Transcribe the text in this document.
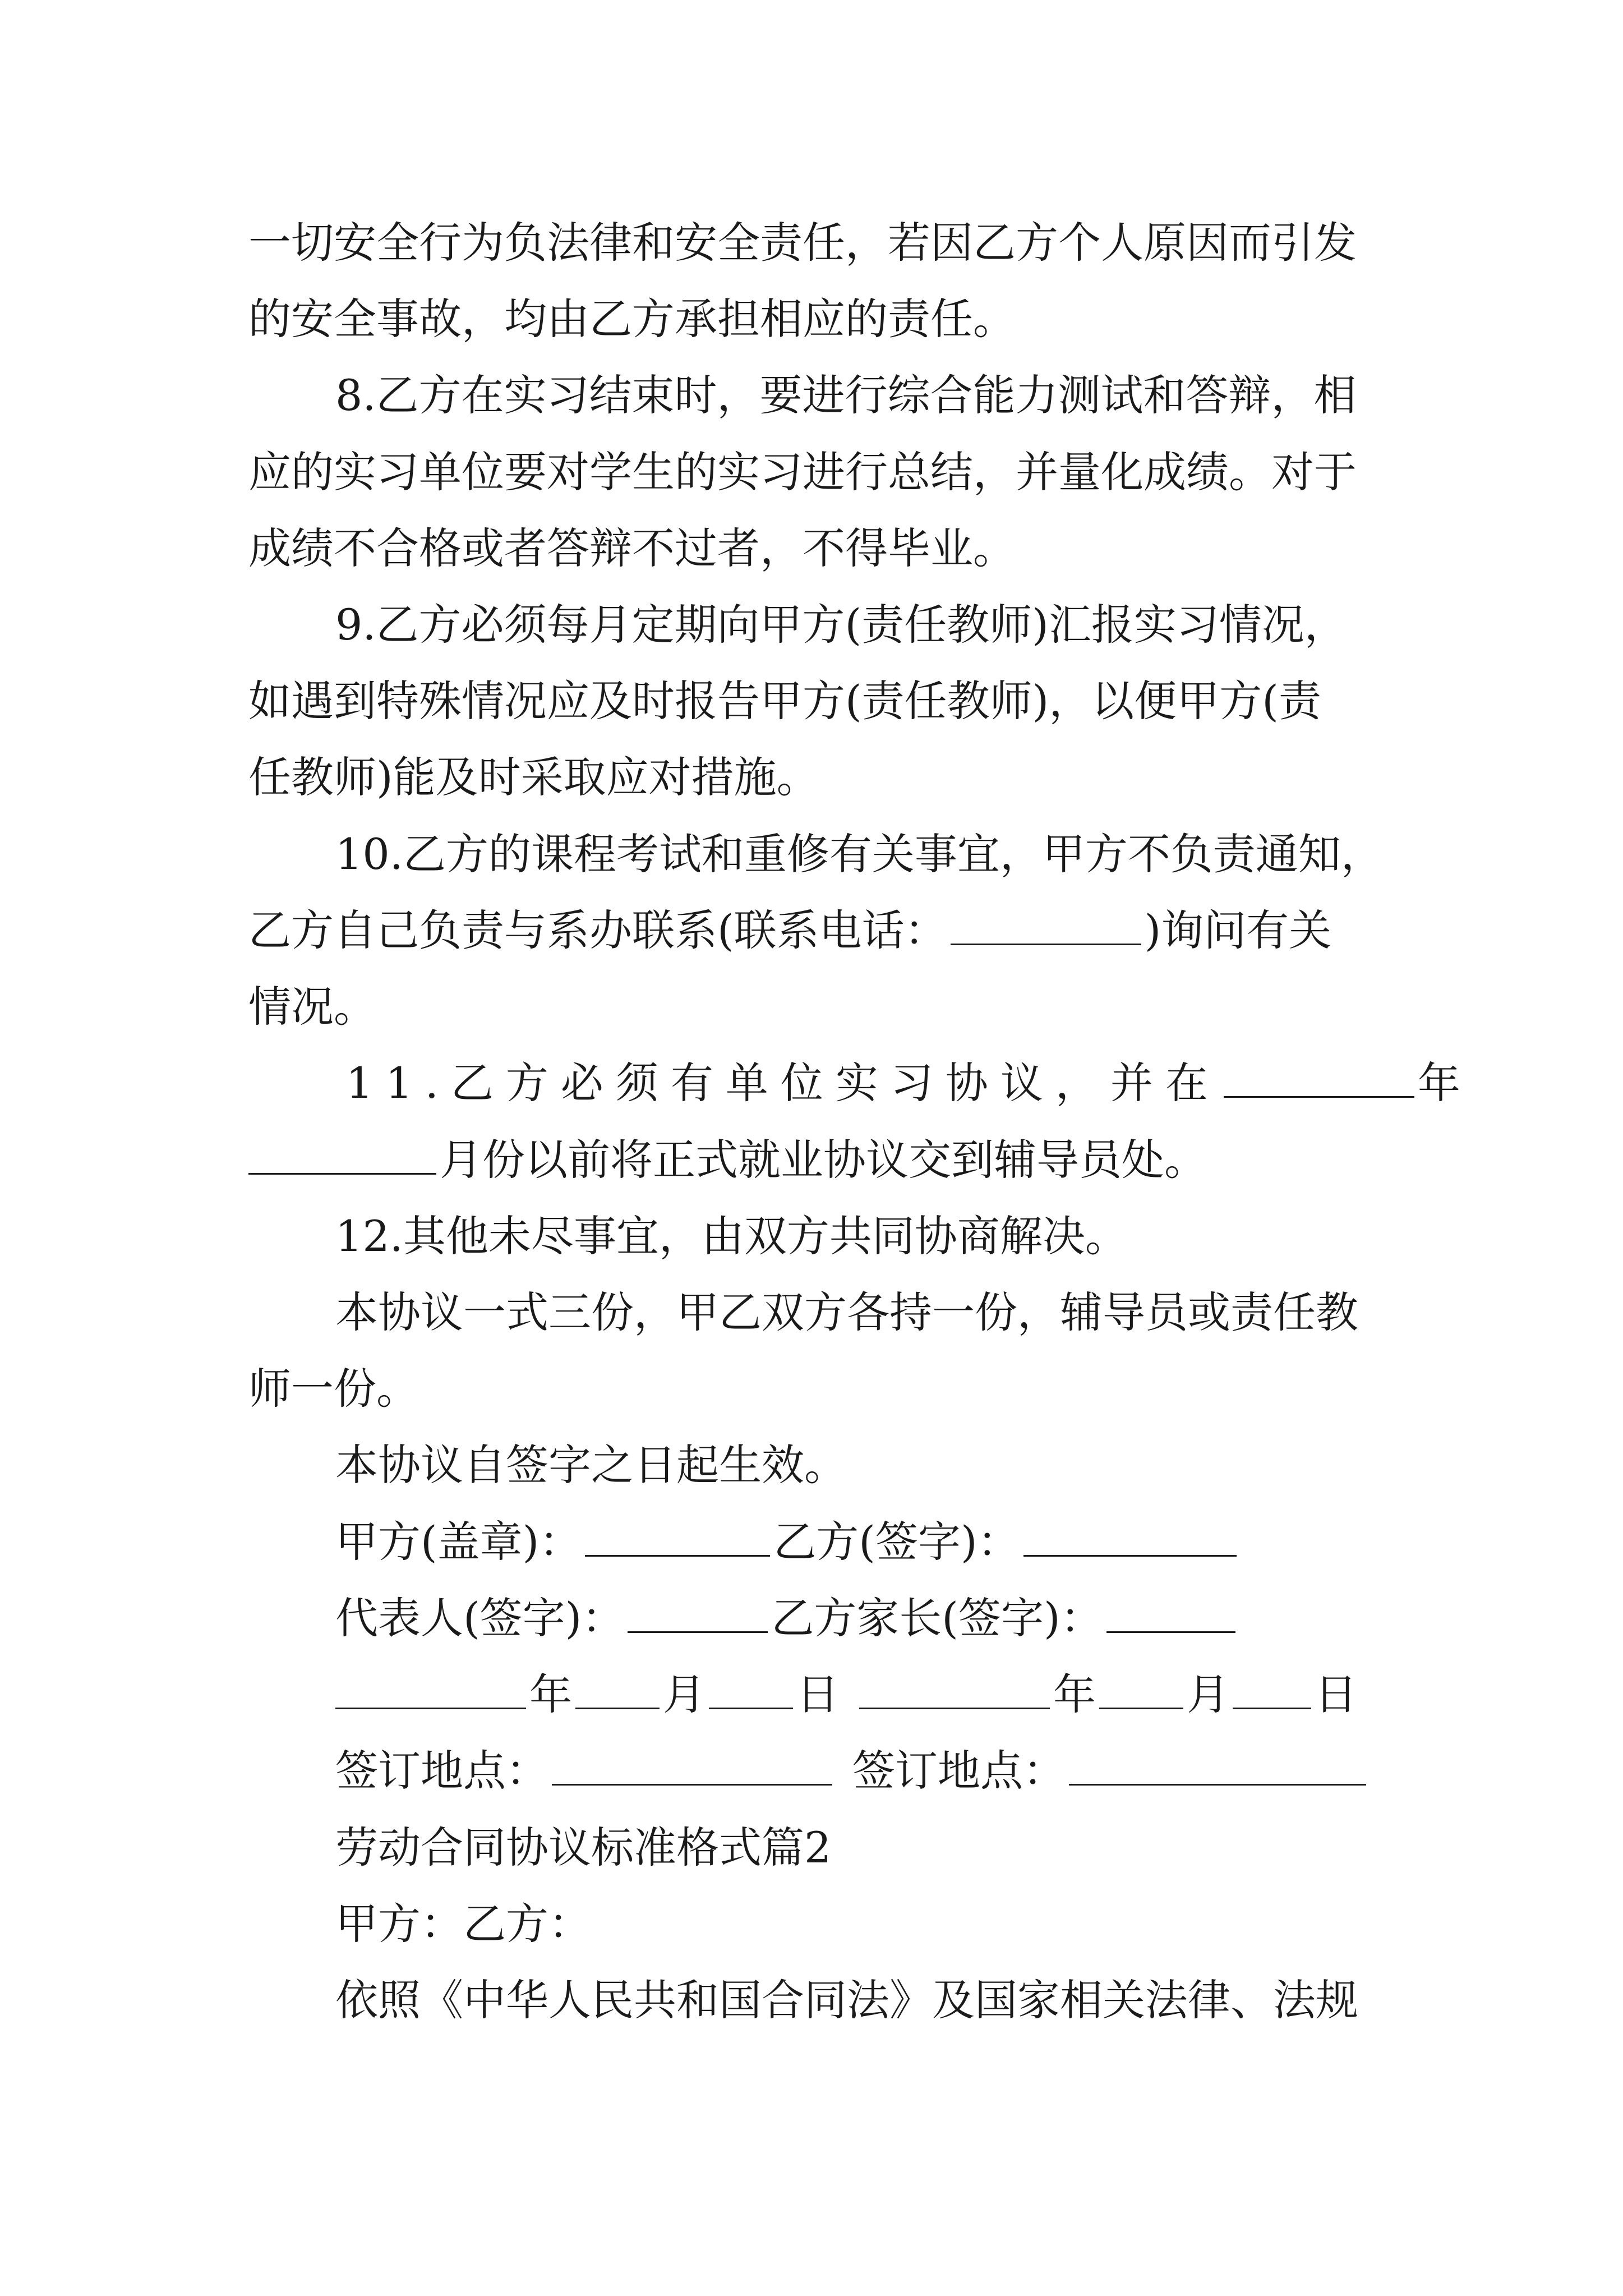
一切安全行为负法律和安全责任，若因乙方个人原因而引发
的安全事故，均由乙方承担相应的责任。
8.乙方在实习结束时，要进行综合能力测试和答辩，相
应的实习单位要对学生的实习进行总结，并量化成绩。对于
成绩不合格或者答辩不过者，不得毕业。
9.乙方必须每月定期向甲方(责任教师)汇报实习情况，
如遇到特殊情况应及时报告甲方(责任教师)，以便甲方(责
任教师)能及时采取应对措施。
10.乙方的课程考试和重修有关事宜，甲方不负责通知，
乙方自己负责与系办联系(联系电话：	)询问有关
情况。
11.乙方必须有单位实习协议，并在	年
月份以前将正式就业协议交到辅导员处。
12.其他未尽事宜，由双方共同协商解决。
本协议一式三份，甲乙双方各持一份，辅导员或责任教
师一份。
本协议自签字之日起生效。
甲方(盖章)：	乙方(签字)：
代表人(签字)：	乙方家长(签字)：
年 月 日	年 月 日
签订地点：	签订地点：
劳动合同协议标准格式篇2
甲方：乙方：
依照《中华人民共和国合同法》及国家相关法律、法规
